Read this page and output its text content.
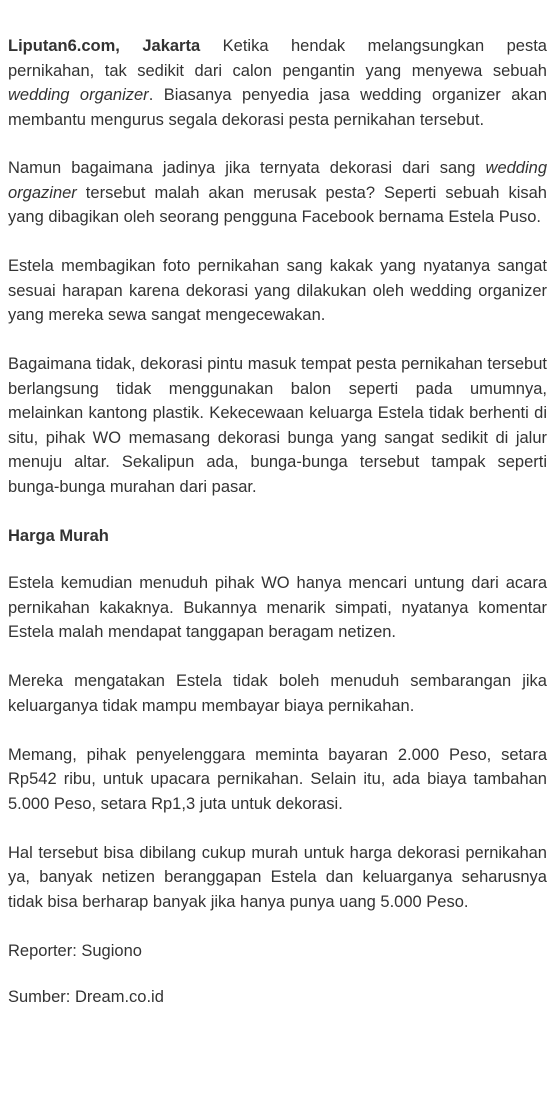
Liputan6.com, Jakarta Ketika hendak melangsungkan pesta pernikahan, tak sedikit dari calon pengantin yang menyewa sebuah wedding organizer. Biasanya penyedia jasa wedding organizer akan membantu mengurus segala dekorasi pesta pernikahan tersebut.

Namun bagaimana jadinya jika ternyata dekorasi dari sang wedding orgaziner tersebut malah akan merusak pesta? Seperti sebuah kisah yang dibagikan oleh seorang pengguna Facebook bernama Estela Puso.

Estela membagikan foto pernikahan sang kakak yang nyatanya sangat sesuai harapan karena dekorasi yang dilakukan oleh wedding organizer yang mereka sewa sangat mengecewakan.

Bagaimana tidak, dekorasi pintu masuk tempat pesta pernikahan tersebut berlangsung tidak menggunakan balon seperti pada umumnya, melainkan kantong plastik. Kekecewaan keluarga Estela tidak berhenti di situ, pihak WO memasang dekorasi bunga yang sangat sedikit di jalur menuju altar. Sekalipun ada, bunga-bunga tersebut tampak seperti bunga-bunga murahan dari pasar.

Harga Murah

Estela kemudian menuduh pihak WO hanya mencari untung dari acara pernikahan kakaknya. Bukannya menarik simpati, nyatanya komentar Estela malah mendapat tanggapan beragam netizen.

Mereka mengatakan Estela tidak boleh menuduh sembarangan jika keluarganya tidak mampu membayar biaya pernikahan.

Memang, pihak penyelenggara meminta bayaran 2.000 Peso, setara Rp542 ribu, untuk upacara pernikahan. Selain itu, ada biaya tambahan 5.000 Peso, setara Rp1,3 juta untuk dekorasi.

Hal tersebut bisa dibilang cukup murah untuk harga dekorasi pernikahan ya, banyak netizen beranggapan Estela dan keluarganya seharusnya tidak bisa berharap banyak jika hanya punya uang 5.000 Peso.

Reporter: Sugiono

Sumber: Dream.co.id
